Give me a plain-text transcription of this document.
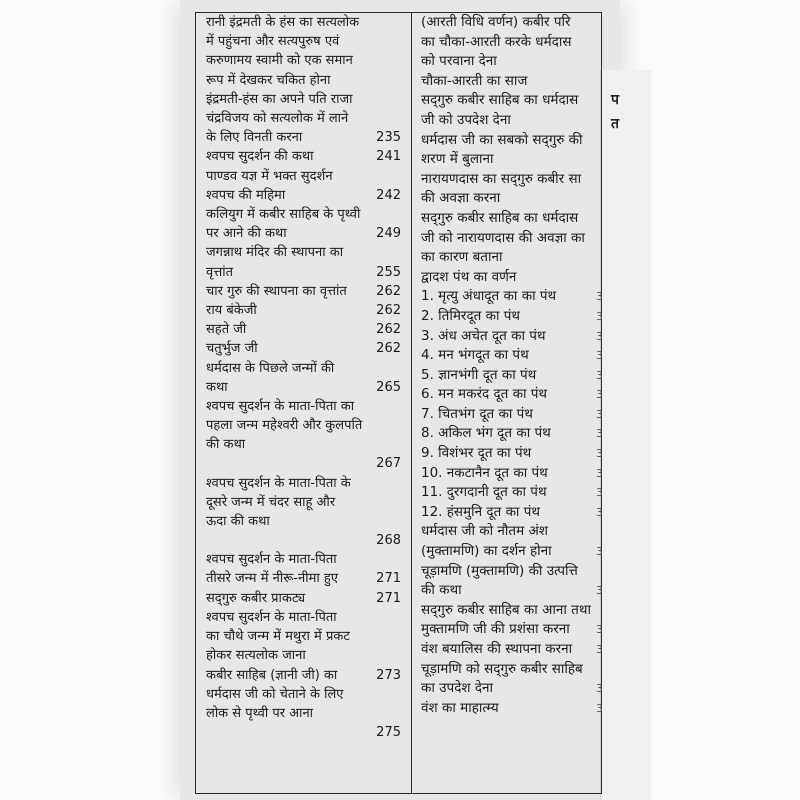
प
त
रानी इंद्रमती के हंस का सत्यलोक
में पहुंचना और सत्यपुरुष एवं
करुणामय स्वामी को एक समान
रूप में देखकर चकित होना
इंद्रमती-हंस का अपने पति राजा
चंद्रविजय को सत्यलोक में लाने
के लिए विनती करना	235
श्वपच सुदर्शन की कथा	241
पाण्डव यज्ञ में भक्त सुदर्शन
श्वपच की महिमा	242
कलियुग में कबीर साहिब के पृथ्वी
पर आने की कथा	249
जगन्नाथ मंदिर की स्थापना का
वृत्तांत	255
चार गुरु की स्थापना का वृत्तांत 262
राय बंकेजी	262
सहते जी	262
चतुर्भुज जी	262
धर्मदास के पिछले जन्मों की
कथा	265
श्वपच सुदर्शन के माता-पिता का
पहला जन्म महेश्वरी और कुलपति
की कथा
267
श्वपच सुदर्शन के माता-पिता के
दूसरे जन्म में चंदर साहू और
ऊदा की कथा
268
श्वपच सुदर्शन के माता-पिता
तीसरे जन्म में नीरू-नीमा हुए	271
सद्‌गुरु कबीर प्राकट्य	271
श्वपच सुदर्शन के माता-पिता
का चौथे जन्म में मथुरा में प्रकट
होकर सत्यलोक जाना
कबीर साहिब (ज्ञानी जी) का	273
धर्मदास जी को चेताने के लिए
लोक से पृथ्वी पर आना
275
(आरती विधि वर्णन) कबीर परि
का चौका-आरती करके धर्मदास
को परवाना देना
चौका-आरती का साज
सद्‌गुरु कबीर साहिब का धर्मदास
जी को उपदेश देना
धर्मदास जी का सबको सद्‌गुरु की
शरण में बुलाना
नारायणदास का सद्‌गुरु कबीर सा
की अवज्ञा करना
सद्‌गुरु कबीर साहिब का धर्मदास
जी को नारायणदास की अवज्ञा का
का कारण बताना
द्वादश पंथ का वर्णन
1. मृत्यु अंधादूत का का पंथ	3
2. तिमिरदूत का पंथ	3
3. अंध अचेत दूत का पंथ	3
4. मन भंगदूत का पंथ	3
5. ज्ञानभंगी दूत का पंथ	3
6. मन मकरंद दूत का पंथ	3
7. चितभंग दूत का पंथ	3
8. अकिल भंग दूत का पंथ	3
9. विशंभर दूत का पंथ	3
10. नकटानैन दूत का पंथ	3
11. दुरगदानी दूत का पंथ	3
12. हंसमुनि दूत का पंथ	3
धर्मदास जी को नौतम अंश
(मुक्तामणि) का दर्शन होना	3
चूड़ामणि (मुक्तामणि) की उत्पत्ति
की कथा	3
सद्‌गुरु कबीर साहिब का आना तथा
मुक्तामणि जी की प्रशंसा करना 3
वंश बयालिस की स्थापना करना 3
चूड़ामणि को सद्‌गुरु कबीर साहिब
का उपदेश देना	3
वंश का माहात्म्य	3
